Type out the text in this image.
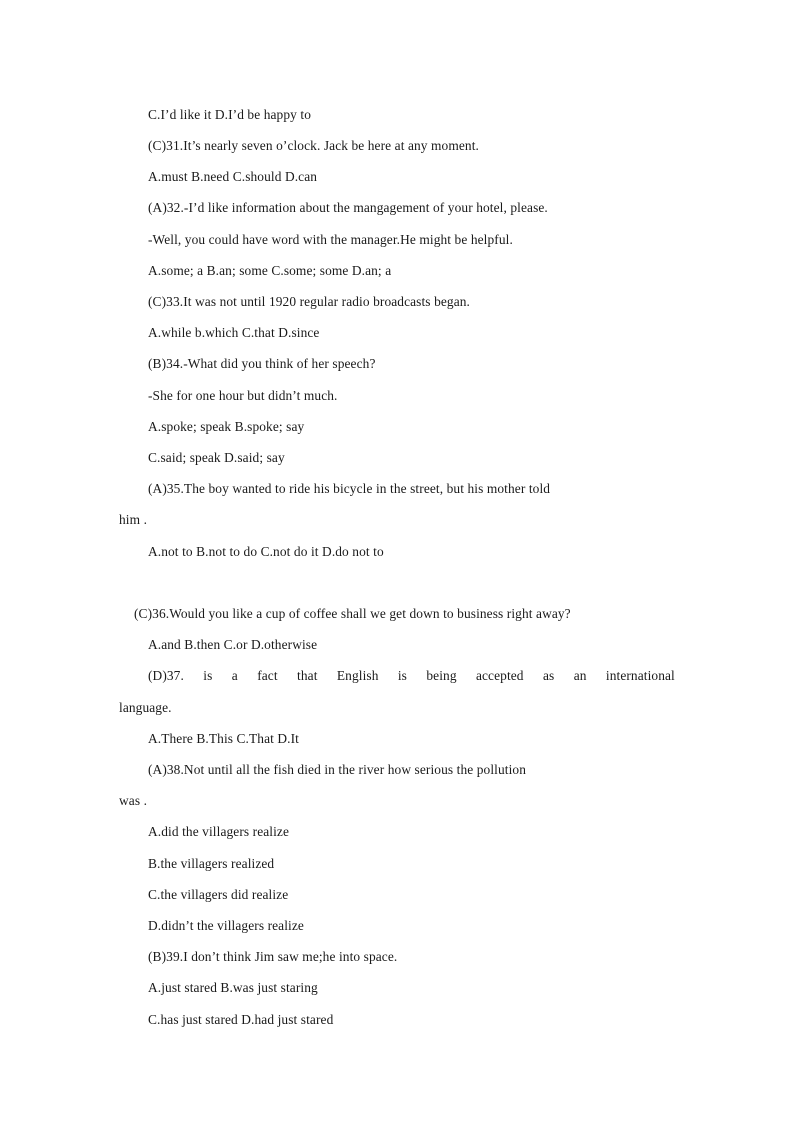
C.I’d like it D.I’d be happy to
(C)31.It’s nearly seven o’clock. Jack be here at any moment.
A.must B.need C.should D.can
(A)32.-I’d like information about the mangagement of your hotel, please.
-Well, you could have word with the manager.He might be helpful.
A.some; a B.an; some C.some; some D.an; a
(C)33.It was not until 1920 regular radio broadcasts began.
A.while b.which C.that D.since
(B)34.-What did you think of her speech?
-She for one hour but didn’t much.
A.spoke; speak B.spoke; say
C.said; speak D.said; say
(A)35.The boy wanted to ride his bicycle in the street, but his mother told
him .
A.not to B.not to do C.not do it D.do not to
(C)36.Would you like a cup of coffee shall we get down to business right away?
A.and B.then C.or D.otherwise
(D)37. is a fact that English is being accepted as an international
language.
A.There B.This C.That D.It
(A)38.Not until all the fish died in the river how serious the pollution
was .
A.did the villagers realize
B.the villagers realized
C.the villagers did realize
D.didn’t the villagers realize
(B)39.I don’t think Jim saw me;he into space.
A.just stared B.was just staring
C.has just stared D.had just stared
